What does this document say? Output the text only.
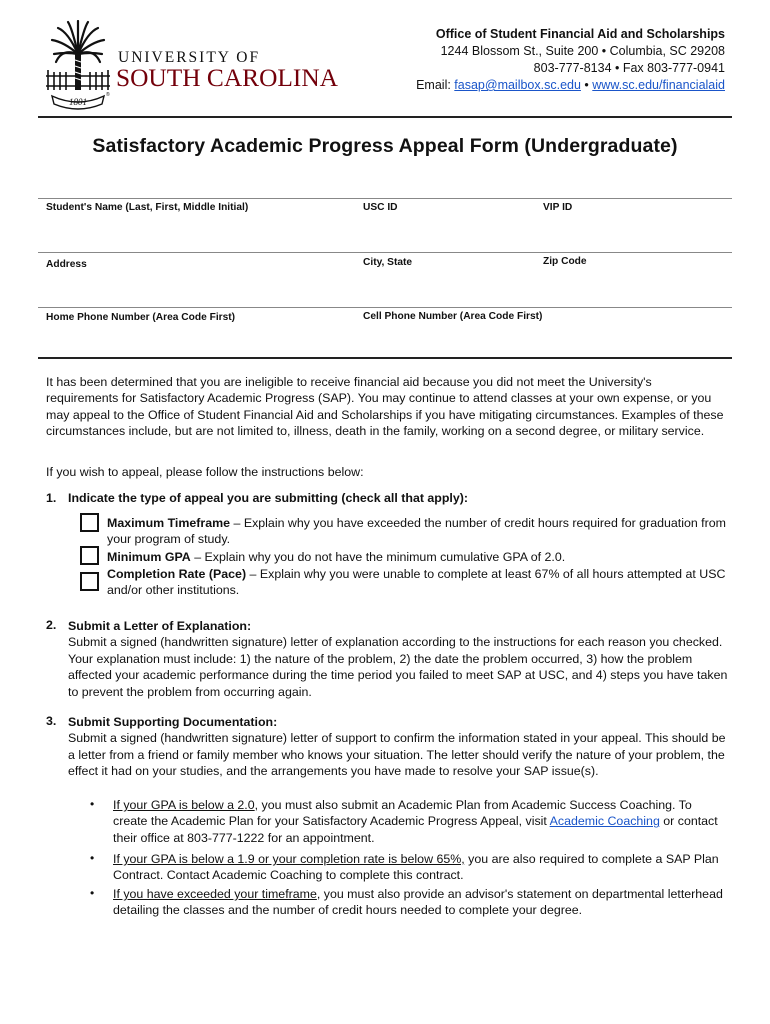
1801
®
UNIVERSITY OF
SOUTH CAROLINA
Office of Student Financial Aid and Scholarships
1244 Blossom St., Suite 200 • Columbia, SC 29208
803-777-8134 • Fax 803-777-0941
Email: fasap@mailbox.sc.edu • www.sc.edu/financialaid
Satisfactory Academic Progress Appeal Form (Undergraduate)
Student's Name (Last, First, Middle Initial)	USC ID	VIP ID
Address	City, State	Zip Code
Home Phone Number (Area Code First)	Cell Phone Number (Area Code First)

It has been determined that you are ineligible to receive financial aid because you did not meet the University's requirements for Satisfactory Academic Progress (SAP). You may continue to attend classes at your own expense, or you may appeal to the Office of Student Financial Aid and Scholarships if you have mitigating circumstances. Examples of these circumstances include, but are not limited to, illness, death in the family, working on a second degree, or military service.

If you wish to appeal, please follow the instructions below:

1. Indicate the type of appeal you are submitting (check all that apply):
Maximum Timeframe – Explain why you have exceeded the number of credit hours required for graduation from your program of study.
Minimum GPA – Explain why you do not have the minimum cumulative GPA of 2.0.
Completion Rate (Pace) – Explain why you were unable to complete at least 67% of all hours attempted at USC and/or other institutions.
2. Submit a Letter of Explanation:
Submit a signed (handwritten signature) letter of explanation according to the instructions for each reason you checked. Your explanation must include: 1) the nature of the problem, 2) the date the problem occurred, 3) how the problem affected your academic performance during the time period you failed to meet SAP at USC, and 4) steps you have taken to prevent the problem from occurring again.

3. Submit Supporting Documentation:
Submit a signed (handwritten signature) letter of support to confirm the information stated in your appeal. This should be a letter from a friend or family member who knows your situation. The letter should verify the nature of your problem, the effect it had on your studies, and the arrangements you have made to resolve your SAP issue(s).

• If your GPA is below a 2.0, you must also submit an Academic Plan from Academic Success Coaching. To create the Academic Plan for your Satisfactory Academic Progress Appeal, visit Academic Coaching or contact their office at 803-777-1222 for an appointment.
• If your GPA is below a 1.9 or your completion rate is below 65%, you are also required to complete a SAP Plan Contract. Contact Academic Coaching to complete this contract.
• If you have exceeded your timeframe, you must also provide an advisor's statement on departmental letterhead detailing the classes and the number of credit hours needed to complete your degree.
